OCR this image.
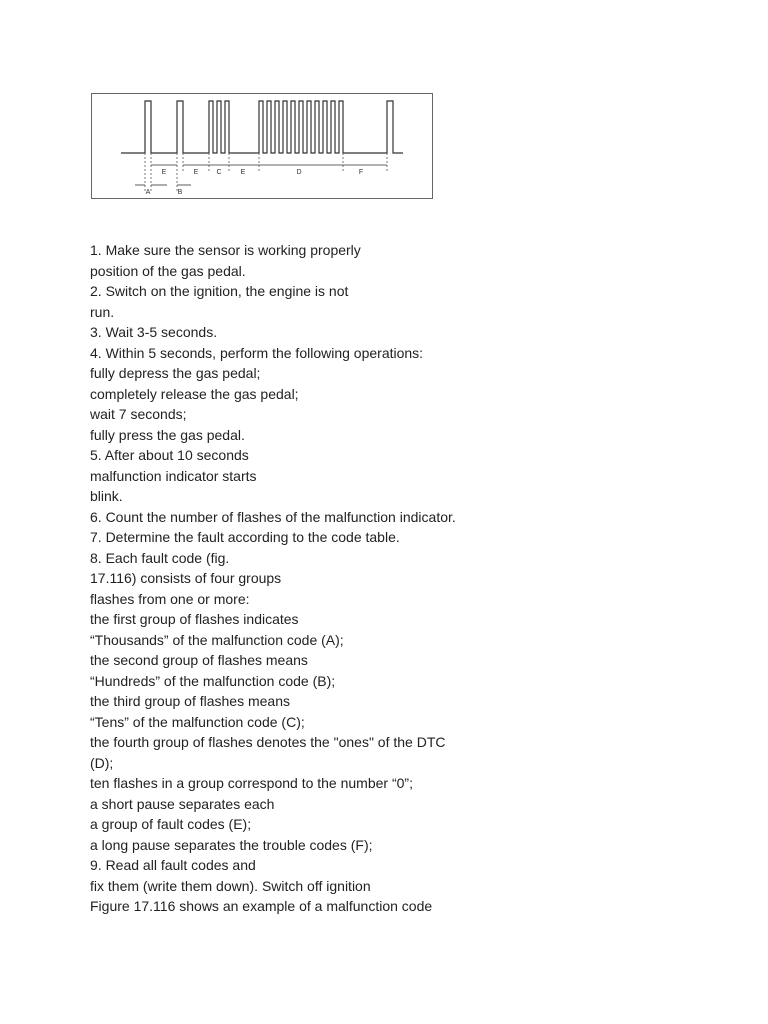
E	E	C	E	D	F
A	B
1. Make sure the sensor is working properly
position of the gas pedal.
2. Switch on the ignition, the engine is not
run.
3. Wait 3-5 seconds.
4. Within 5 seconds, perform the following operations:
fully depress the gas pedal;
completely release the gas pedal;
wait 7 seconds;
fully press the gas pedal.
5. After about 10 seconds
malfunction indicator starts
blink.
6. Count the number of flashes of the malfunction indicator.
7. Determine the fault according to the code table.
8. Each fault code (fig.
17.116) consists of four groups
flashes from one or more:
the first group of flashes indicates
“Thousands” of the malfunction code (A);
the second group of flashes means
“Hundreds” of the malfunction code (B);
the third group of flashes means
“Tens” of the malfunction code (C);
the fourth group of flashes denotes the "ones" of the DTC
(D);
ten flashes in a group correspond to the number “0”;
a short pause separates each
a group of fault codes (E);
a long pause separates the trouble codes (F);
9. Read all fault codes and
fix them (write them down). Switch off ignition
Figure 17.116 shows an example of a malfunction code
